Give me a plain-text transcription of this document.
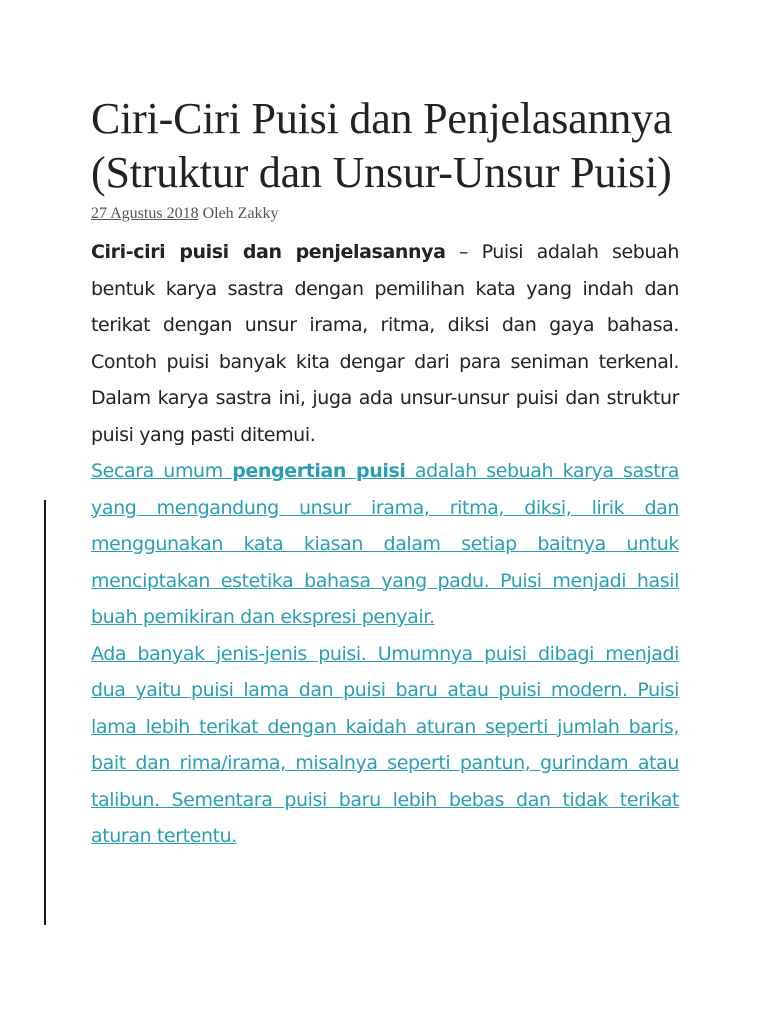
Ciri-Ciri Puisi dan Penjelasannya (Struktur dan Unsur-Unsur Puisi)
27 Agustus 2018 Oleh Zakky

Ciri-ciri puisi dan penjelasannya – Puisi adalah sebuah bentuk karya sastra dengan pemilihan kata yang indah dan terikat dengan unsur irama, ritma, diksi dan gaya bahasa. Contoh puisi banyak kita dengar dari para seniman terkenal. Dalam karya sastra ini, juga ada unsur-unsur puisi dan struktur puisi yang pasti ditemui.

Secara umum pengertian puisi adalah sebuah karya sastra yang mengandung unsur irama, ritma, diksi, lirik dan menggunakan kata kiasan dalam setiap baitnya untuk menciptakan estetika bahasa yang padu. Puisi menjadi hasil buah pemikiran dan ekspresi penyair.

Ada banyak jenis-jenis puisi. Umumnya puisi dibagi menjadi dua yaitu puisi lama dan puisi baru atau puisi modern. Puisi lama lebih terikat dengan kaidah aturan seperti jumlah baris, bait dan rima/irama, misalnya seperti pantun, gurindam atau talibun. Sementara puisi baru lebih bebas dan tidak terikat aturan tertentu.
